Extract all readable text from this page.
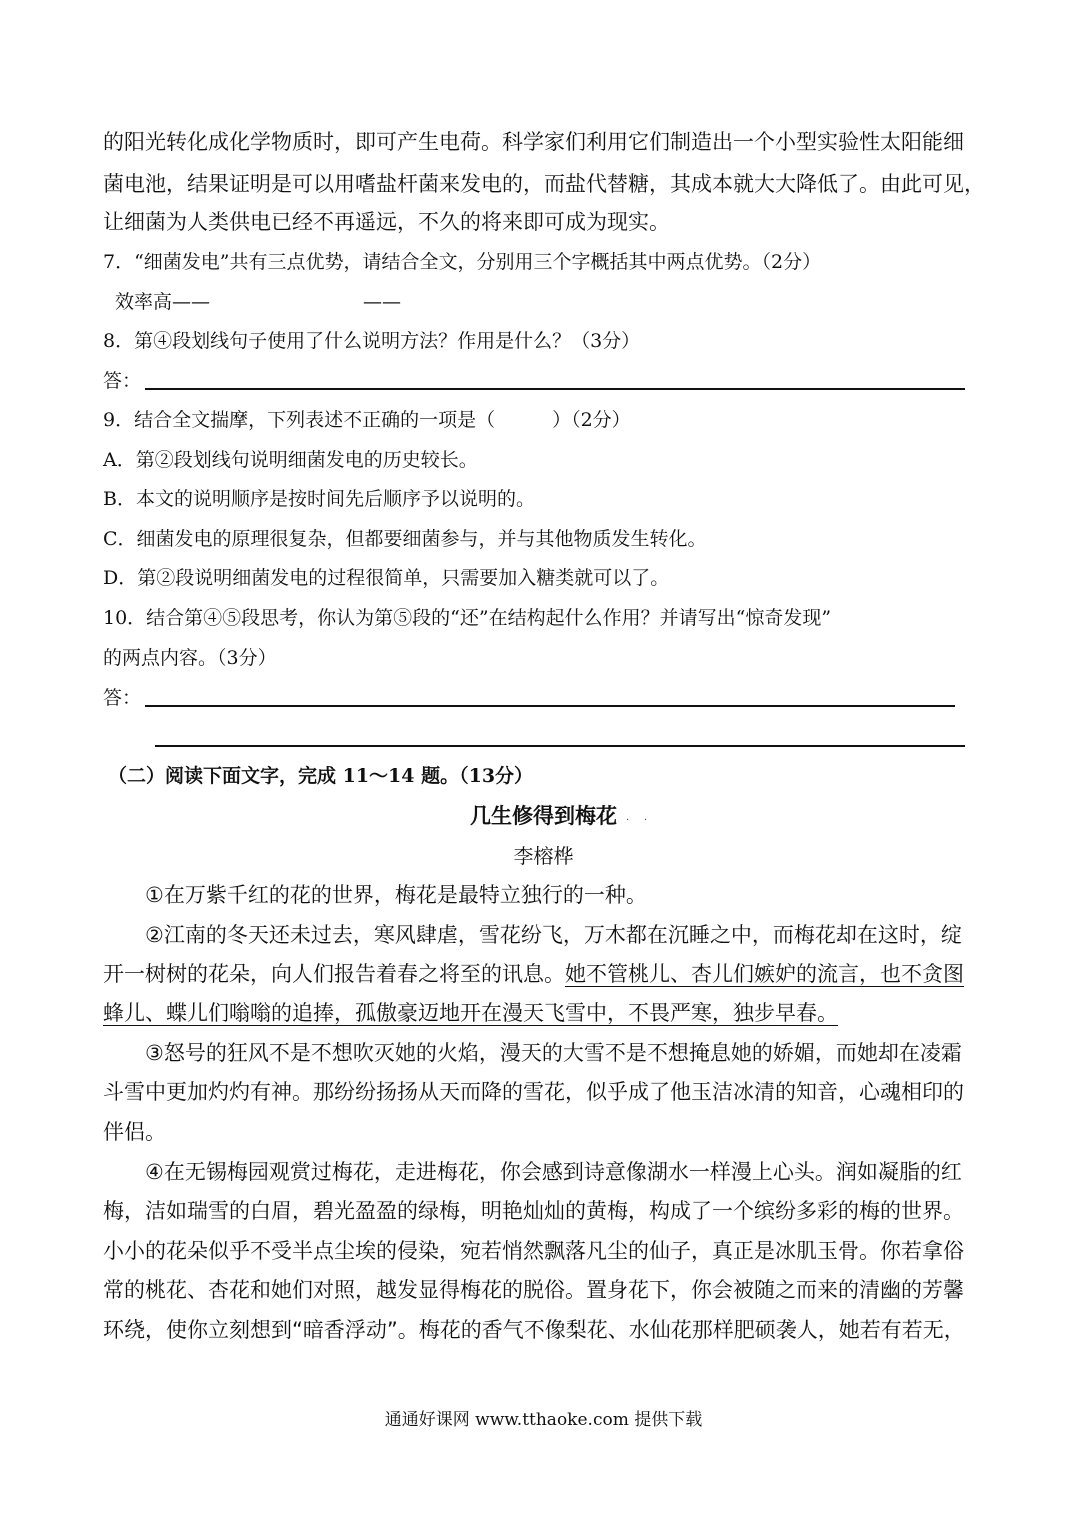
的阳光转化成化学物质时，即可产生电荷。科学家们利用它们制造出一个小型实验性太阳能细
菌电池，结果证明是可以用嗜盐杆菌来发电的，而盐代替糖，其成本就大大降低了。由此可见，
让细菌为人类供电已经不再遥远，不久的将来即可成为现实。
7．“细菌发电”共有三点优势，请结合全文，分别用三个字概括其中两点优势。（2分）
效率高——	——
8．第④段划线句子使用了什么说明方法？作用是什么？（3分）
答：
9．结合全文揣摩，下列表述不正确的一项是（　　　）（2分）
A．第②段划线句说明细菌发电的历史较长。
B．本文的说明顺序是按时间先后顺序予以说明的。
C．细菌发电的原理很复杂，但都要细菌参与，并与其他物质发生转化。
D．第②段说明细菌发电的过程很简单，只需要加入糖类就可以了。
10．结合第④⑤段思考，你认为第⑤段的“还”在结构起什么作用？并请写出“惊奇发现”
的两点内容。（3分）
答：
（二）阅读下面文字，完成 11～14 题。（13分）
几生修得到梅花 · ·
李榕桦
①在万紫千红的花的世界，梅花是最特立独行的一种。
②江南的冬天还未过去，寒风肆虐，雪花纷飞，万木都在沉睡之中，而梅花却在这时，绽
开一树树的花朵，向人们报告着春之将至的讯息。她不管桃儿、杏儿们嫉妒的流言，也不贪图
蜂儿、蝶儿们嗡嗡的追捧，孤傲豪迈地开在漫天飞雪中，不畏严寒，独步早春。
③怒号的狂风不是不想吹灭她的火焰，漫天的大雪不是不想掩息她的娇媚，而她却在凌霜
斗雪中更加灼灼有神。那纷纷扬扬从天而降的雪花，似乎成了他玉洁冰清的知音，心魂相印的
伴侣。
④在无锡梅园观赏过梅花，走进梅花，你会感到诗意像湖水一样漫上心头。润如凝脂的红
梅，洁如瑞雪的白眉，碧光盈盈的绿梅，明艳灿灿的黄梅，构成了一个缤纷多彩的梅的世界。
小小的花朵似乎不受半点尘埃的侵染，宛若悄然飘落凡尘的仙子，真正是冰肌玉骨。你若拿俗
常的桃花、杏花和她们对照，越发显得梅花的脱俗。置身花下，你会被随之而来的清幽的芳馨
环绕，使你立刻想到“暗香浮动”。梅花的香气不像梨花、水仙花那样肥硕袭人，她若有若无，
通通好课网 www.tthaoke.com 提供下载
